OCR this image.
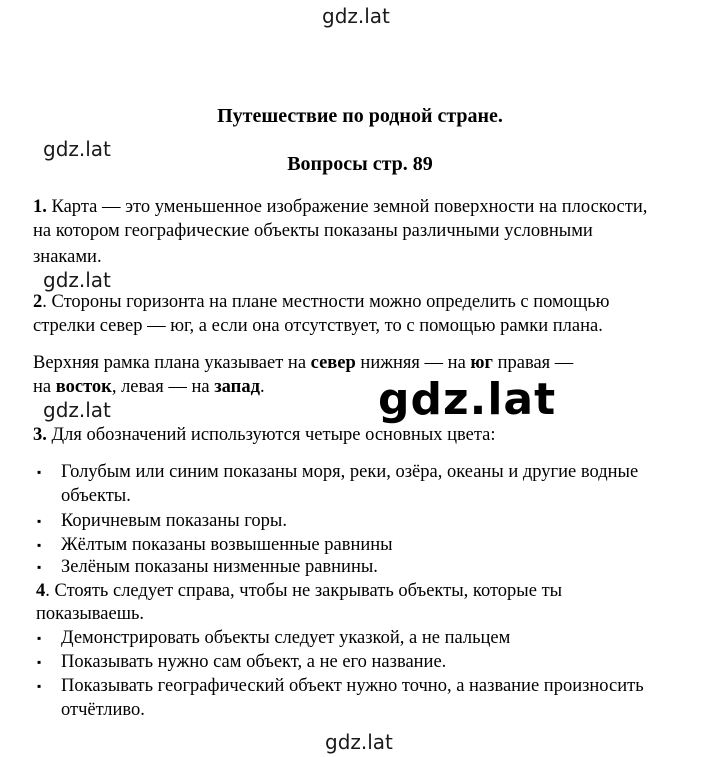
gdz.lat
gdz.lat
gdz.lat
gdz.lat	gdz.lat
gdz.lat
Путешествие по родной стране.
Вопросы стр. 89
1. Карта — это уменьшенное изображение земной поверхности на плоскости,
на котором географические объекты показаны различными условными
знаками.
2. Стороны горизонта на плане местности можно определить с помощью
стрелки север — юг, а если она отсутствует, то с помощью рамки плана.
Верхняя рамка плана указывает на север нижняя — на юг правая —
на восток, левая — на запад.
3. Для обозначений используются четыре основных цвета:
▪ Голубым или синим показаны моря, реки, озёра, океаны и другие водные
объекты.
▪ Коричневым показаны горы.
▪ Жёлтым показаны возвышенные равнины
▪ Зелёным показаны низменные равнины.
4. Стоять следует справа, чтобы не закрывать объекты, которые ты
показываешь.
▪ Демонстрировать объекты следует указкой, а не пальцем
▪ Показывать нужно сам объект, а не его название.
▪ Показывать географический объект нужно точно, а название произносить
отчётливо.
